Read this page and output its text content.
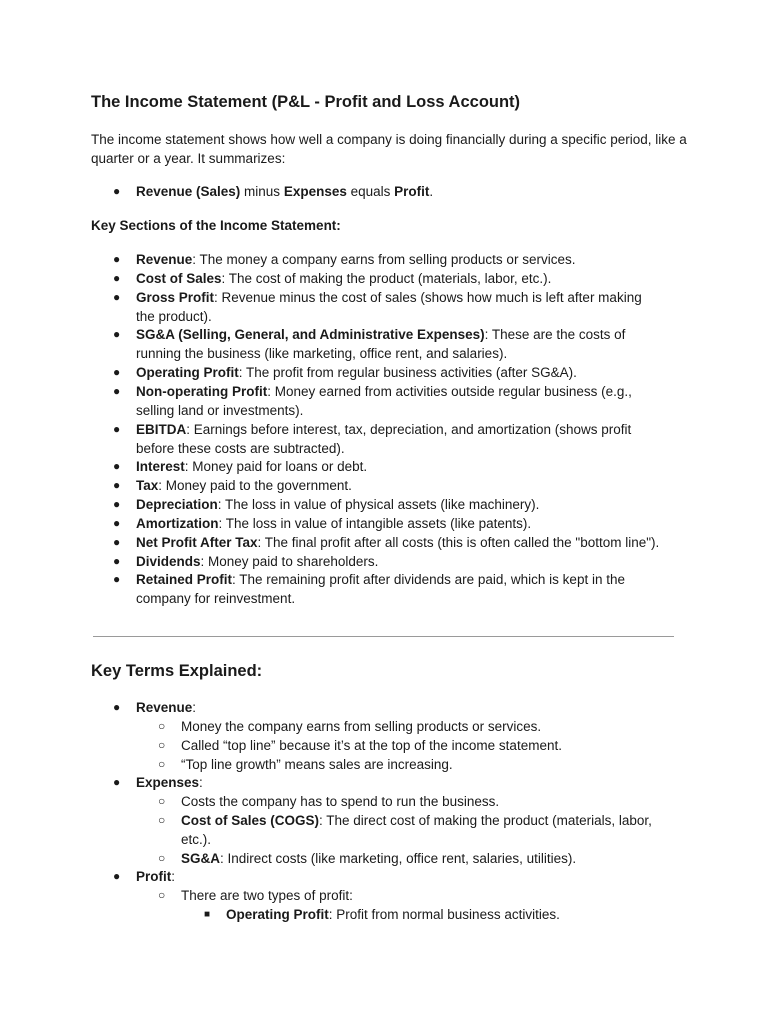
The Income Statement (P&L - Profit and Loss Account)

The income statement shows how well a company is doing financially during a specific period, like a quarter or a year. It summarizes:

● Revenue (Sales) minus Expenses equals Profit.
Key Sections of the Income Statement:
● Revenue: The money a company earns from selling products or services.
● Cost of Sales: The cost of making the product (materials, labor, etc.).
● Gross Profit: Revenue minus the cost of sales (shows how much is left after making
the product).
● SG&A (Selling, General, and Administrative Expenses): These are the costs of
running the business (like marketing, office rent, and salaries).
● Operating Profit: The profit from regular business activities (after SG&A).
● Non-operating Profit: Money earned from activities outside regular business (e.g.,
selling land or investments).
● EBITDA: Earnings before interest, tax, depreciation, and amortization (shows profit
before these costs are subtracted).
● Interest: Money paid for loans or debt.
● Tax: Money paid to the government.
● Depreciation: The loss in value of physical assets (like machinery).
● Amortization: The loss in value of intangible assets (like patents).
● Net Profit After Tax: The final profit after all costs (this is often called the "bottom line").
● Dividends: Money paid to shareholders.
● Retained Profit: The remaining profit after dividends are paid, which is kept in the
company for reinvestment.
Key Terms Explained:
● Revenue:
○ Money the company earns from selling products or services.
○ Called “top line” because it’s at the top of the income statement.
○ “Top line growth” means sales are increasing.
● Expenses:
○ Costs the company has to spend to run the business.
○ Cost of Sales (COGS): The direct cost of making the product (materials, labor,
etc.).
○ SG&A: Indirect costs (like marketing, office rent, salaries, utilities).
● Profit:
○ There are two types of profit:
■ Operating Profit: Profit from normal business activities.
